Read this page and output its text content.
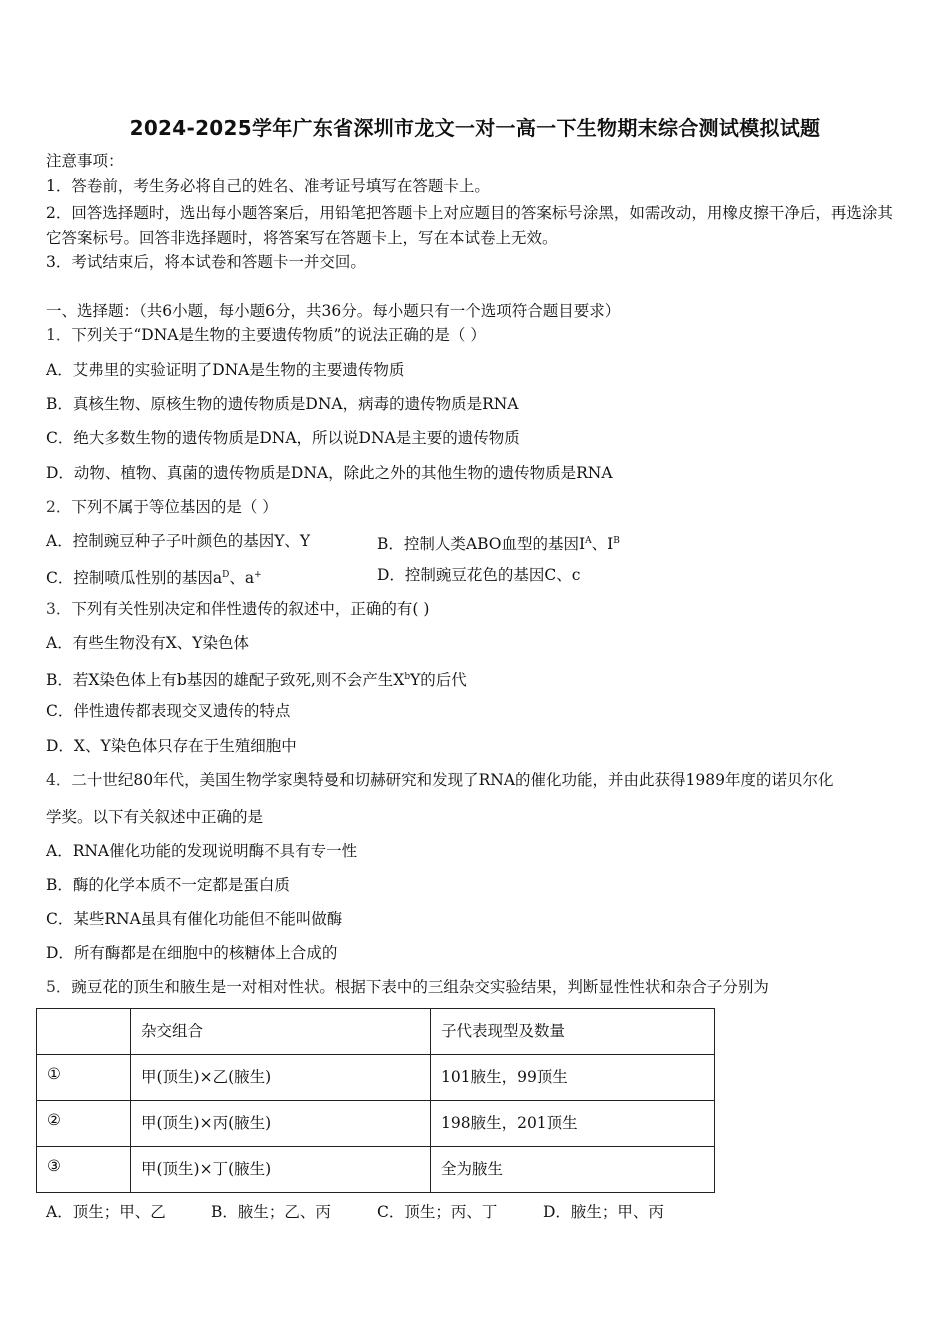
2024-2025学年广东省深圳市龙文一对一高一下生物期末综合测试模拟试题
注意事项：
1．答卷前，考生务必将自己的姓名、准考证号填写在答题卡上。
2．回答选择题时，选出每小题答案后，用铅笔把答题卡上对应题目的答案标号涂黑，如需改动，用橡皮擦干净后，再选涂其它答案标号。回答非选择题时，将答案写在答题卡上，写在本试卷上无效。
3．考试结束后，将本试卷和答题卡一并交回。
一、选择题：（共6小题，每小题6分，共36分。每小题只有一个选项符合题目要求）
1．下列关于“DNA是生物的主要遗传物质”的说法正确的是（ ）
A．艾弗里的实验证明了DNA是生物的主要遗传物质
B．真核生物、原核生物的遗传物质是DNA，病毒的遗传物质是RNA
C．绝大多数生物的遗传物质是DNA，所以说DNA是主要的遗传物质
D．动物、植物、真菌的遗传物质是DNA，除此之外的其他生物的遗传物质是RNA
2．下列不属于等位基因的是（ ）
A．控制豌豆种子子叶颜色的基因Y、Y	B．控制人类ABO血型的基因$I^A$、$I^B$
C．控制喷瓜性别的基因$a^D$、a+	D．控制豌豆花色的基因C、c
3．下列有关性别决定和伴性遗传的叙述中，正确的有( )
A．有些生物没有X、Y染色体
B．若X染色体上有b基因的雄配子致死,则不会产生$X^bY$的后代
C．伴性遗传都表现交叉遗传的特点
D．X、Y染色体只存在于生殖细胞中
4．二十世纪80年代，美国生物学家奥特曼和切赫研究和发现了RNA的催化功能，并由此获得1989年度的诺贝尔化
学奖。以下有关叙述中正确的是
A．RNA催化功能的发现说明酶不具有专一性
B．酶的化学本质不一定都是蛋白质
C．某些RNA虽具有催化功能但不能叫做酶
D．所有酶都是在细胞中的核糖体上合成的
5．豌豆花的顶生和腋生是一对相对性状。根据下表中的三组杂交实验结果，判断显性性状和杂合子分别为
	杂交组合	子代表现型及数量
①	甲(顶生)×乙(腋生)	101腋生，99顶生
②	甲(顶生)×丙(腋生)	198腋生，201顶生
③	甲(顶生)×丁(腋生)	全为腋生
A．顶生；甲、乙	B．腋生；乙、丙	C．顶生；丙、丁	D．腋生；甲、丙
